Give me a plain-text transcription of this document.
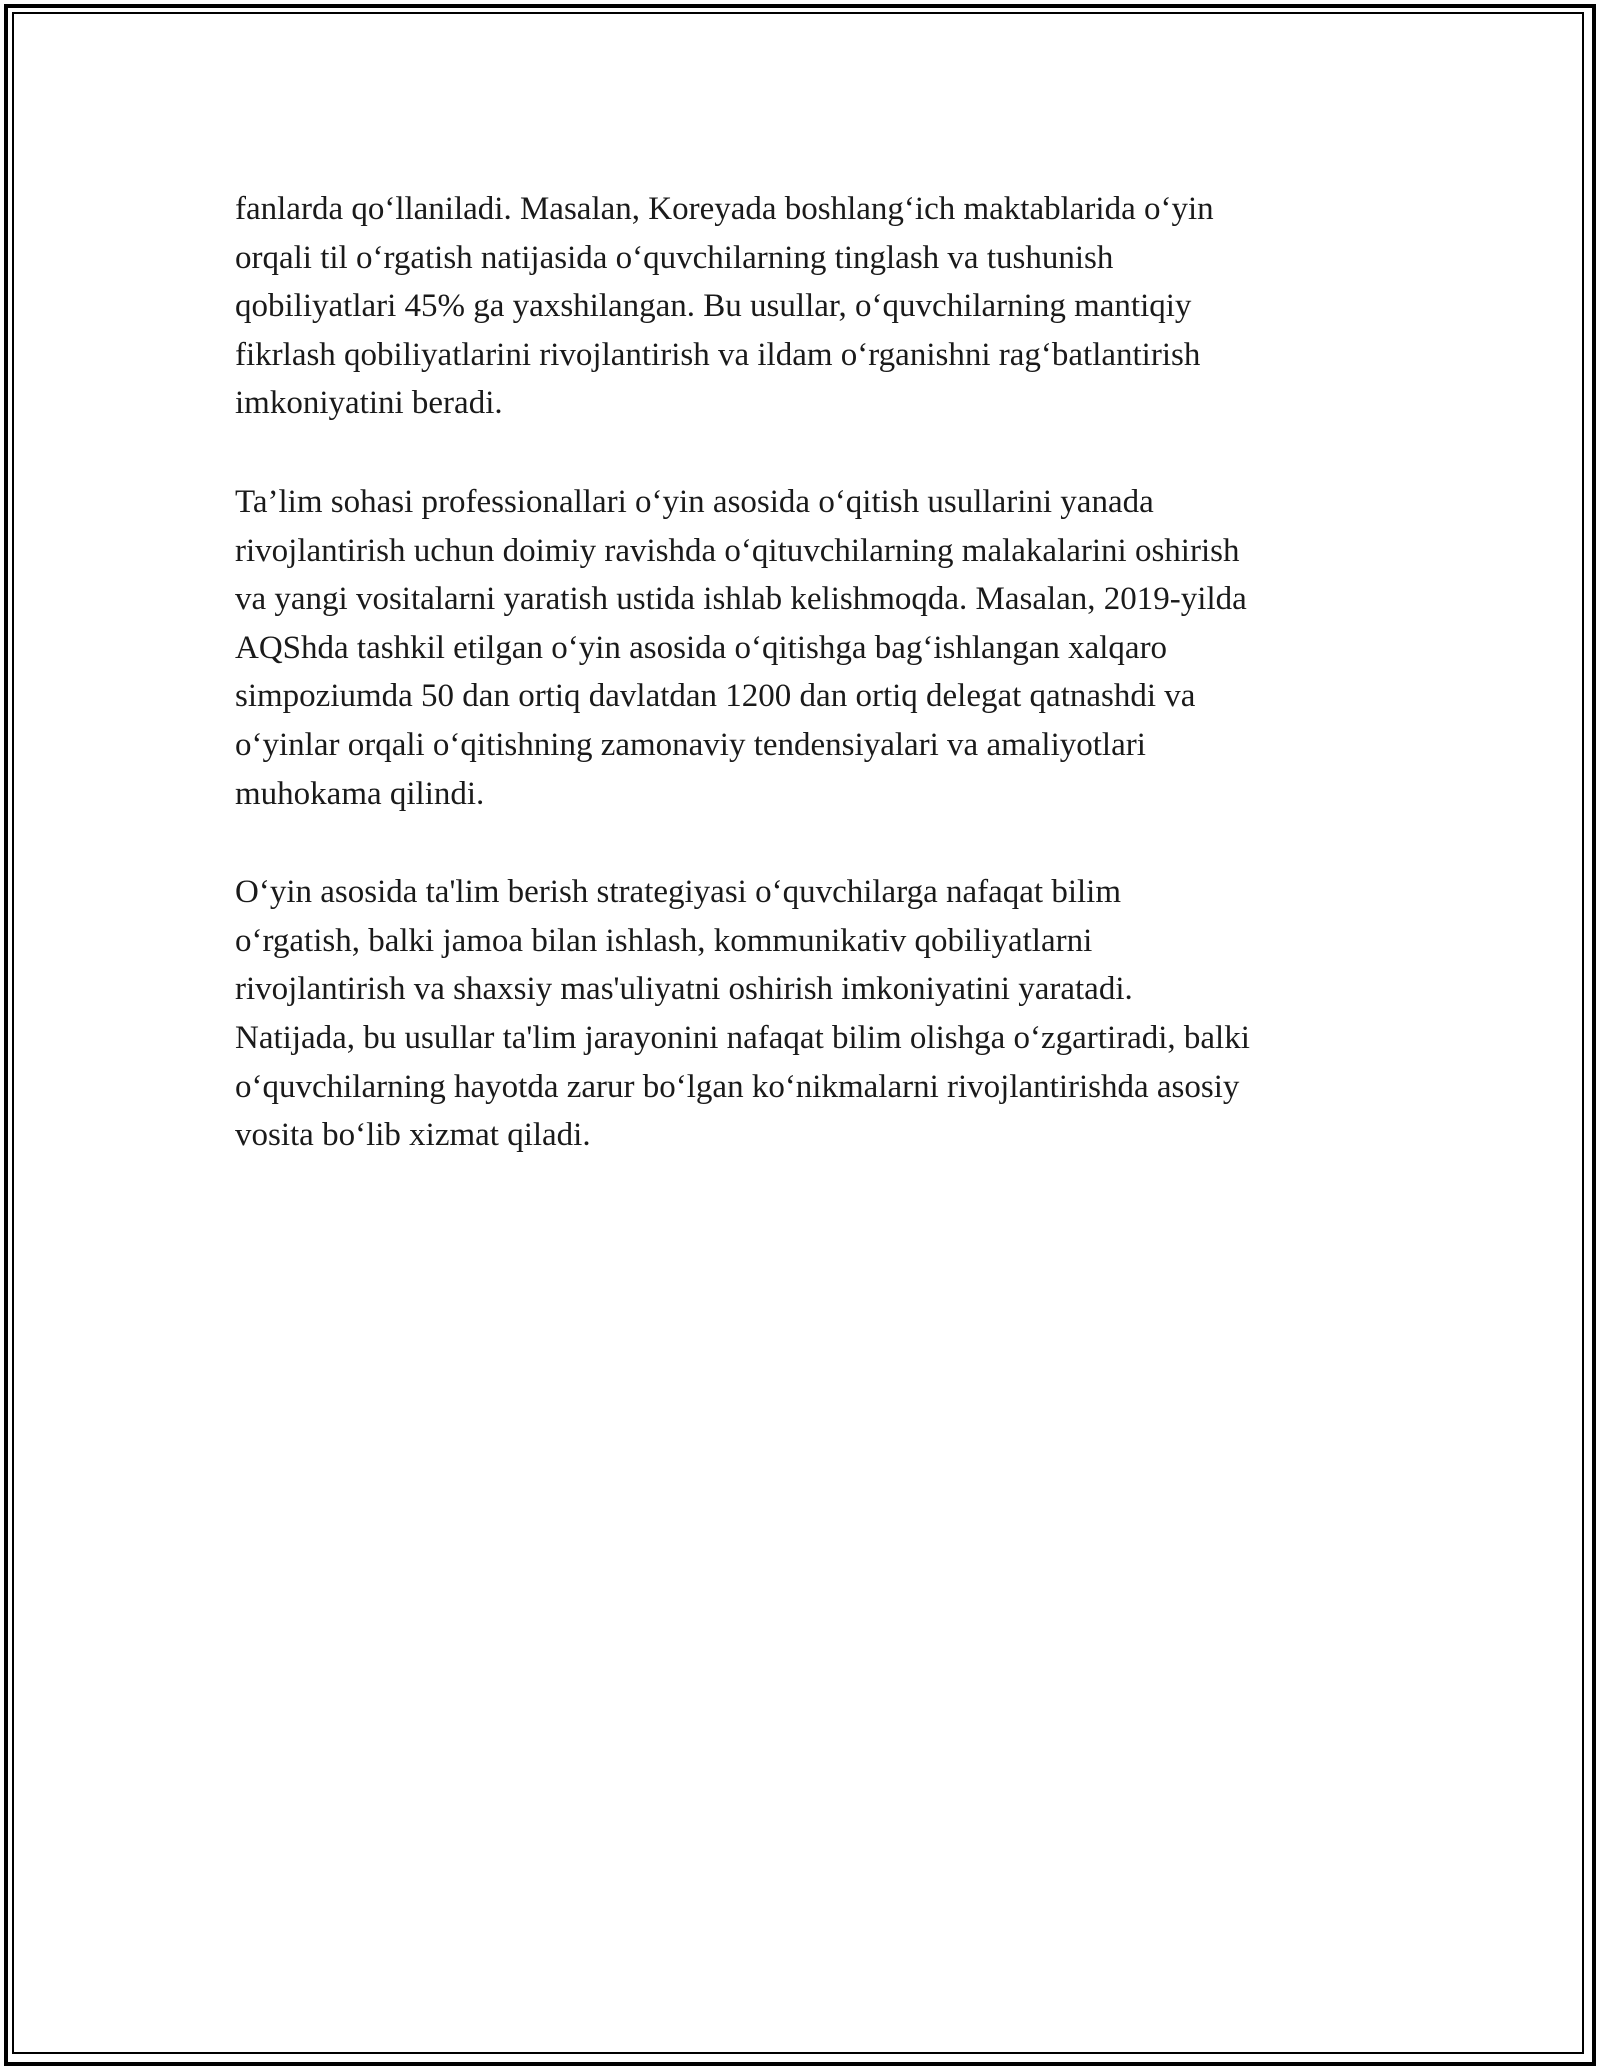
fanlarda qo‘llaniladi. Masalan, Koreyada boshlang‘ich maktablarida o‘yin
orqali til o‘rgatish natijasida o‘quvchilarning tinglash va tushunish
qobiliyatlari 45% ga yaxshilangan. Bu usullar, o‘quvchilarning mantiqiy
fikrlash qobiliyatlarini rivojlantirish va ildam o‘rganishni rag‘batlantirish
imkoniyatini beradi.

Ta’lim sohasi professionallari o‘yin asosida o‘qitish usullarini yanada
rivojlantirish uchun doimiy ravishda o‘qituvchilarning malakalarini oshirish
va yangi vositalarni yaratish ustida ishlab kelishmoqda. Masalan, 2019-yilda
AQShda tashkil etilgan o‘yin asosida o‘qitishga bag‘ishlangan xalqaro
simpoziumda 50 dan ortiq davlatdan 1200 dan ortiq delegat qatnashdi va
o‘yinlar orqali o‘qitishning zamonaviy tendensiyalari va amaliyotlari
muhokama qilindi.

O‘yin asosida ta'lim berish strategiyasi o‘quvchilarga nafaqat bilim
o‘rgatish, balki jamoa bilan ishlash, kommunikativ qobiliyatlarni
rivojlantirish va shaxsiy mas'uliyatni oshirish imkoniyatini yaratadi.
Natijada, bu usullar ta'lim jarayonini nafaqat bilim olishga o‘zgartiradi, balki
o‘quvchilarning hayotda zarur bo‘lgan ko‘nikmalarni rivojlantirishda asosiy
vosita bo‘lib xizmat qiladi.
